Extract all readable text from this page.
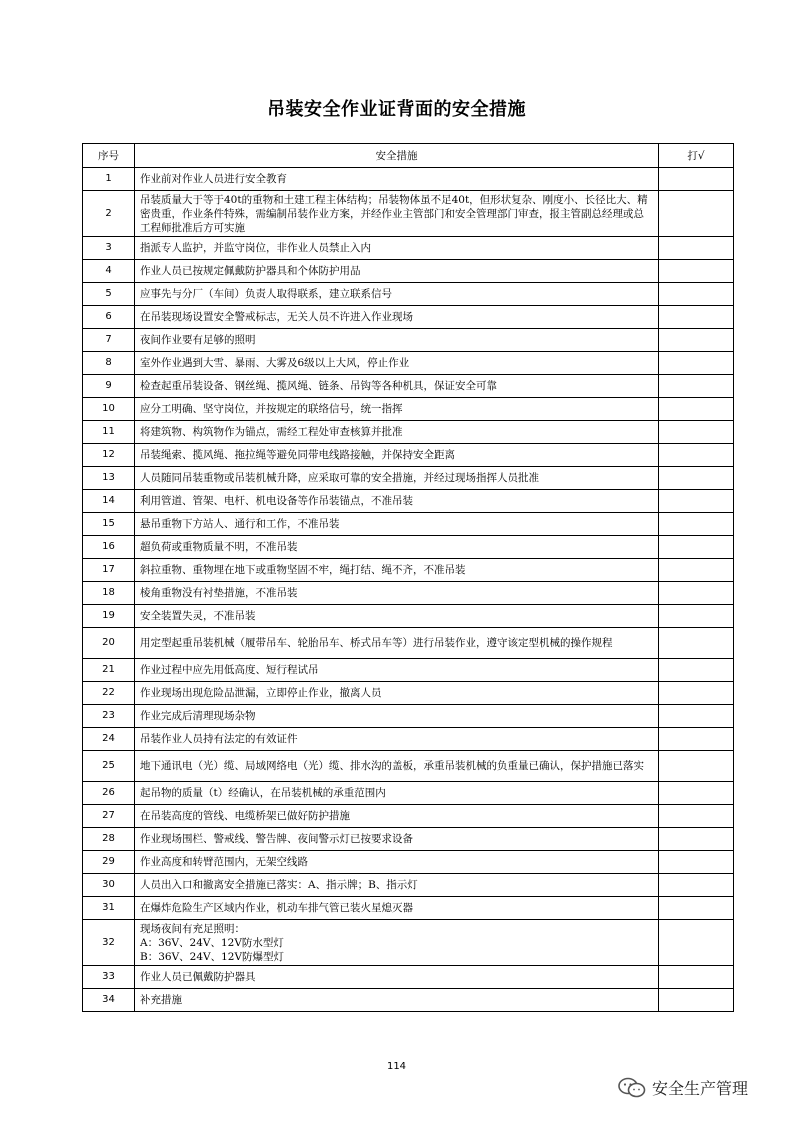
吊装安全作业证背面的安全措施
序号	安全措施	打√
1	作业前对作业人员进行安全教育	
2	吊装质量大于等于40t的重物和土建工程主体结构；吊装物体虽不足40t，但形状复杂、刚度小、长径比大、精密贵重，作业条件特殊，需编制吊装作业方案，并经作业主管部门和安全管理部门审查，报主管副总经理或总工程师批准后方可实施	
3	指派专人监护，并监守岗位，非作业人员禁止入内	
4	作业人员已按规定佩戴防护器具和个体防护用品	
5	应事先与分厂（车间）负责人取得联系，建立联系信号	
6	在吊装现场设置安全警戒标志，无关人员不许进入作业现场	
7	夜间作业要有足够的照明	
8	室外作业遇到大雪、暴雨、大雾及6级以上大风，停止作业	
9	检查起重吊装设备、钢丝绳、揽风绳、链条、吊钩等各种机具，保证安全可靠	
10	应分工明确、坚守岗位，并按规定的联络信号，统一指挥	
11	将建筑物、构筑物作为锚点，需经工程处审查核算并批准	
12	吊装绳索、揽风绳、拖拉绳等避免同带电线路接触，并保持安全距离	
13	人员随同吊装重物或吊装机械升降，应采取可靠的安全措施，并经过现场指挥人员批准	
14	利用管道、管架、电杆、机电设备等作吊装锚点，不准吊装	
15	悬吊重物下方站人、通行和工作，不准吊装	
16	超负荷或重物质量不明，不准吊装	
17	斜拉重物、重物埋在地下或重物坚固不牢，绳打结、绳不齐，不准吊装	
18	棱角重物没有衬垫措施，不准吊装	
19	安全装置失灵，不准吊装	
20	用定型起重吊装机械（履带吊车、轮胎吊车、桥式吊车等）进行吊装作业，遵守该定型机械的操作规程	
21	作业过程中应先用低高度、短行程试吊	
22	作业现场出现危险品泄漏，立即停止作业，撤离人员	
23	作业完成后清理现场杂物	
24	吊装作业人员持有法定的有效证件	
25	地下通讯电（光）缆、局域网络电（光）缆、排水沟的盖板，承重吊装机械的负重量已确认，保护措施已落实	
26	起吊物的质量（t）经确认，在吊装机械的承重范围内	
27	在吊装高度的管线、电缆桥架已做好防护措施	
28	作业现场围栏、警戒线、警告牌、夜间警示灯已按要求设备	
29	作业高度和转臂范围内，无架空线路	
30	人员出入口和撤离安全措施已落实：A、指示牌；B、指示灯	
31	在爆炸危险生产区域内作业，机动车排气管已装火星熄灭器	
32	现场夜间有充足照明：
A：36V、24V、12V防水型灯
B：36V、24V、12V防爆型灯	

33	作业人员已佩戴防护器具	
34	补充措施	
114
安全生产管理
